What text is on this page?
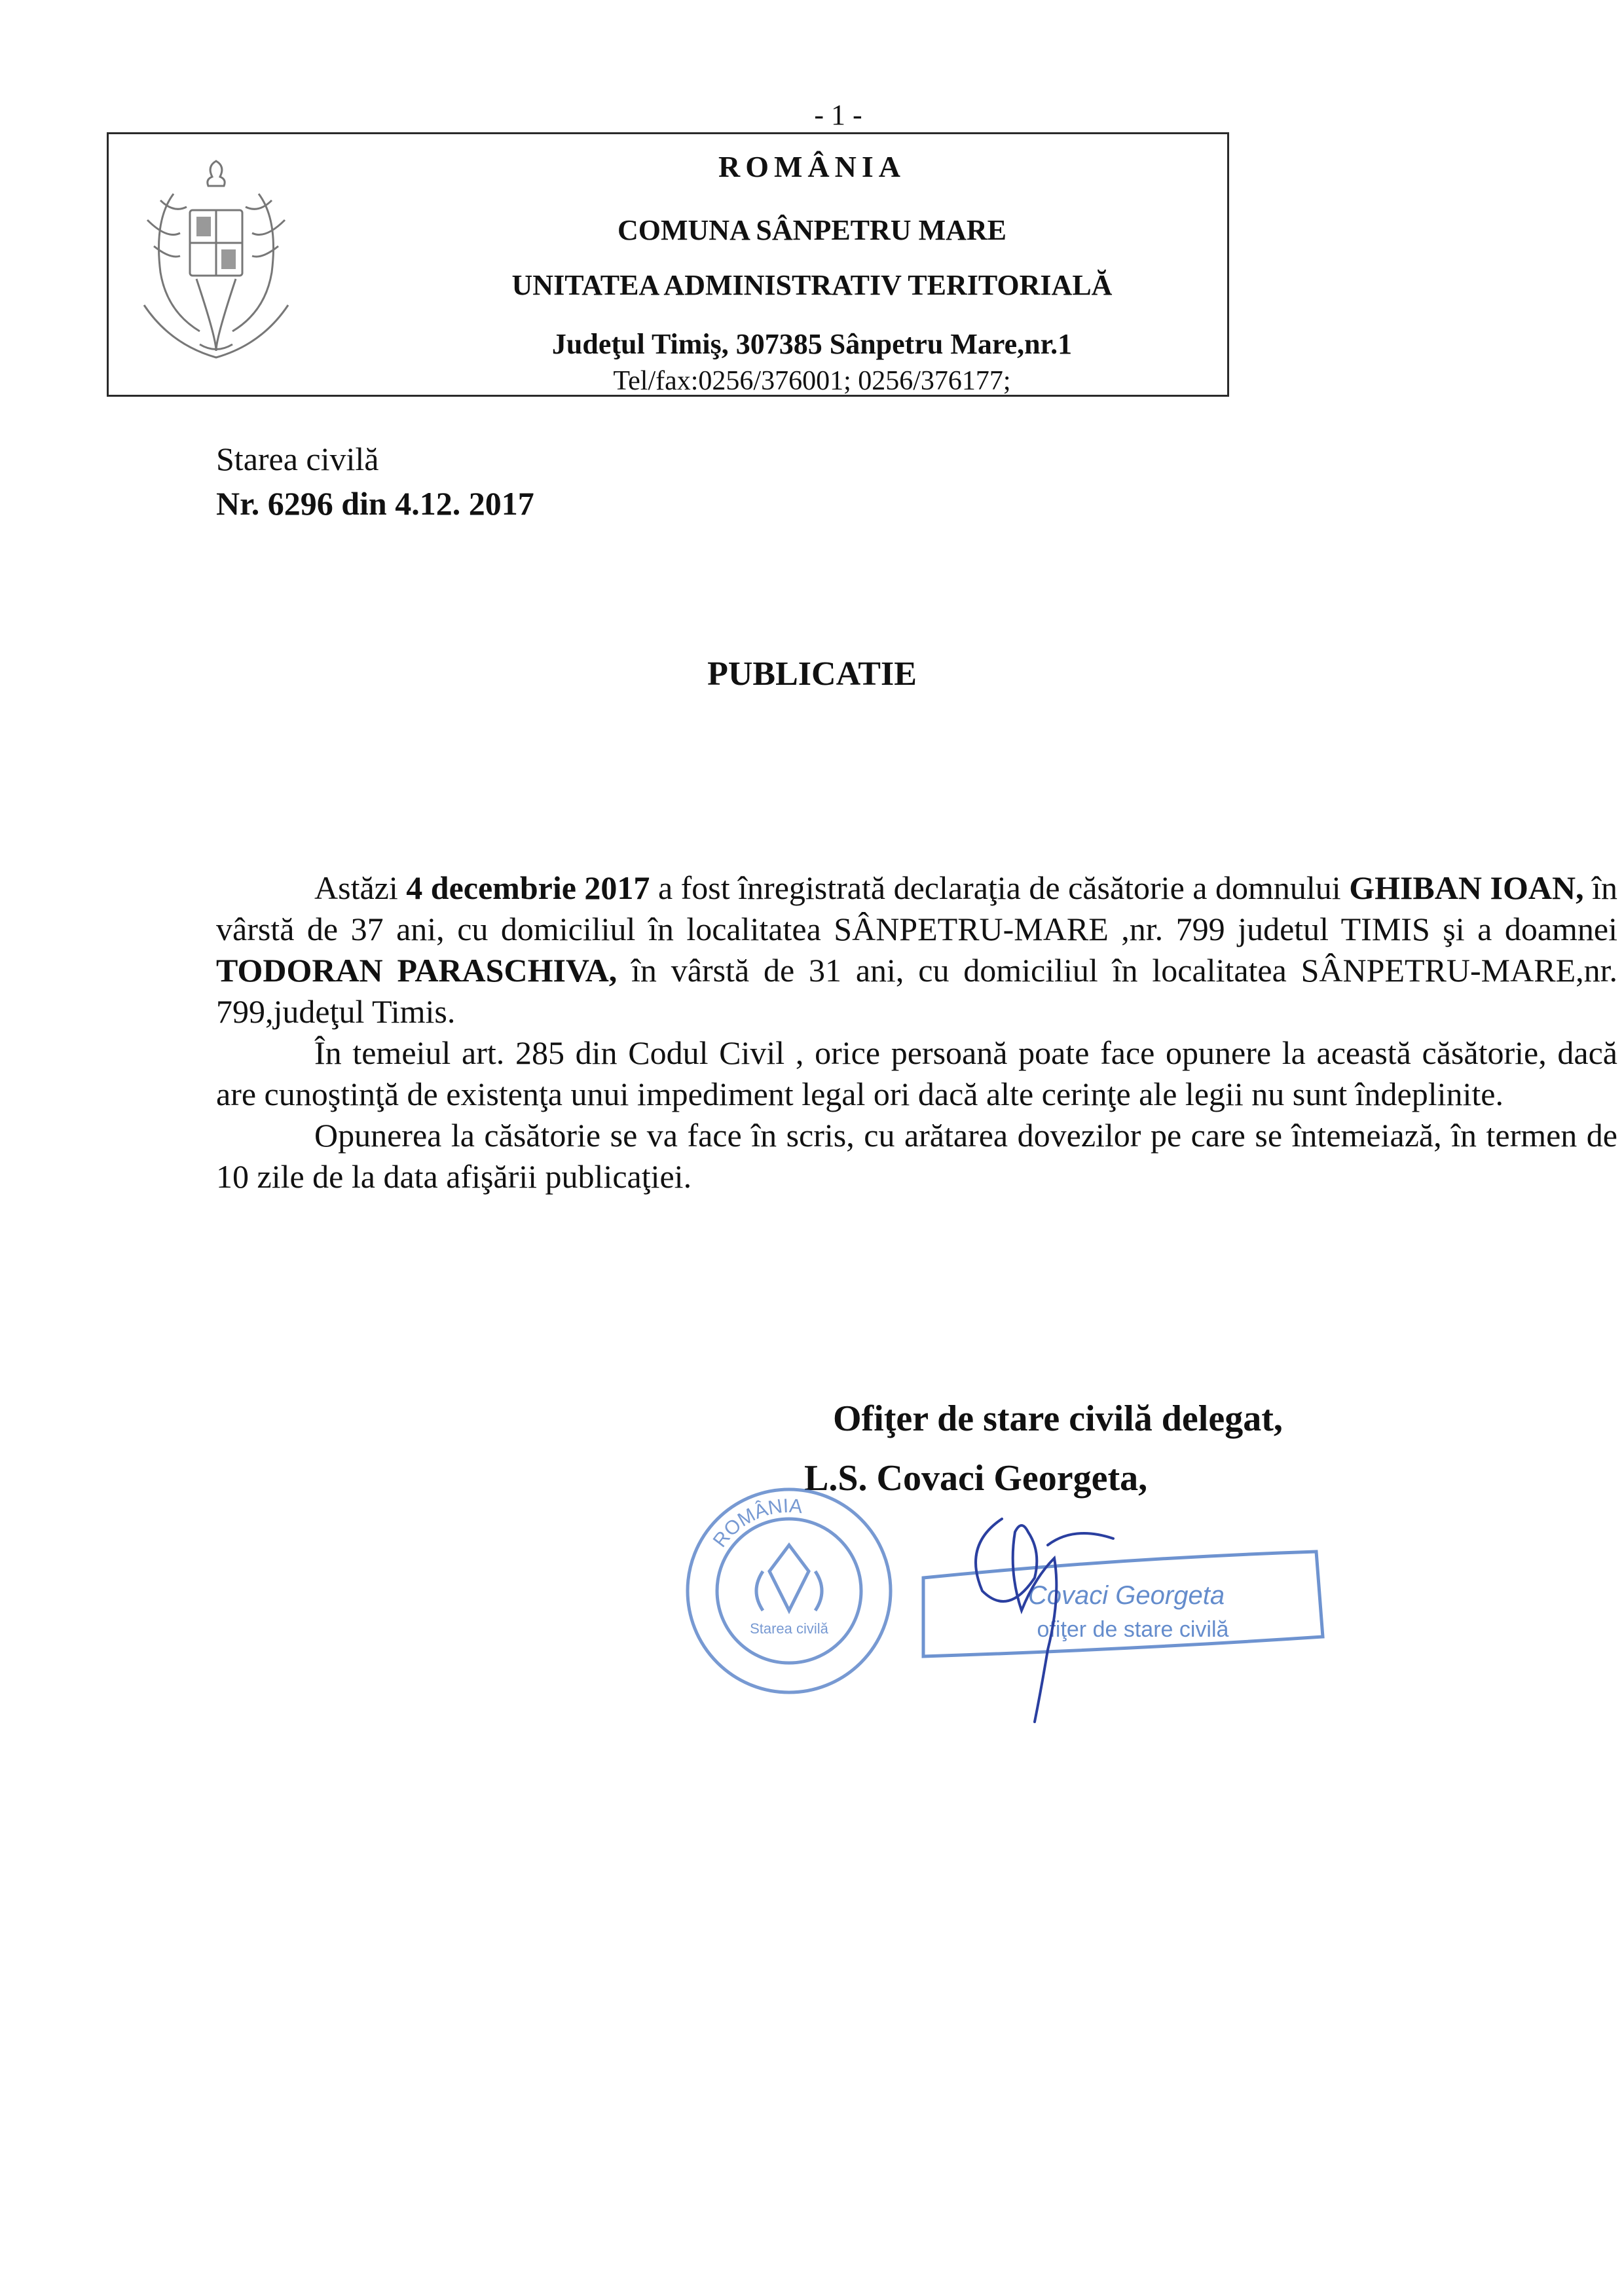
- 1 -
ROMÂNIA
COMUNA SÂNPETRU MARE
UNITATEA ADMINISTRATIV TERITORIALĂ
Judeţul Timiş, 307385 Sânpetru Mare,nr.1
Tel/fax:0256/376001; 0256/376177;
Starea civilă
Nr. 6296 din 4.12. 2017
PUBLICATIE

Astăzi 4 decembrie 2017 a fost înregistrată declaraţia de căsătorie a domnului GHIBAN IOAN, în vârstă de 37 ani, cu domiciliul în localitatea SÂNPETRU-MARE ,nr. 799 judetul TIMIS şi a doamnei TODORAN PARASCHIVA, în vârstă de 31 ani, cu domiciliul în localitatea SÂNPETRU-MARE,nr. 799,judeţul Timis.

În temeiul art. 285 din Codul Civil , orice persoană poate face opunere la această căsătorie, dacă are cunoştinţă de existenţa unui impediment legal ori dacă alte cerinţe ale legii nu sunt îndeplinite.

Opunerea la căsătorie se va face în scris, cu arătarea dovezilor pe care se întemeiază, în termen de 10 zile de la data afişării publicaţiei.

Ofiţer de stare civilă delegat,
L.S. Covaci Georgeta,
ROMÂNIA
Starea civilă
Covaci Georgeta
ofiţer de stare civilă
